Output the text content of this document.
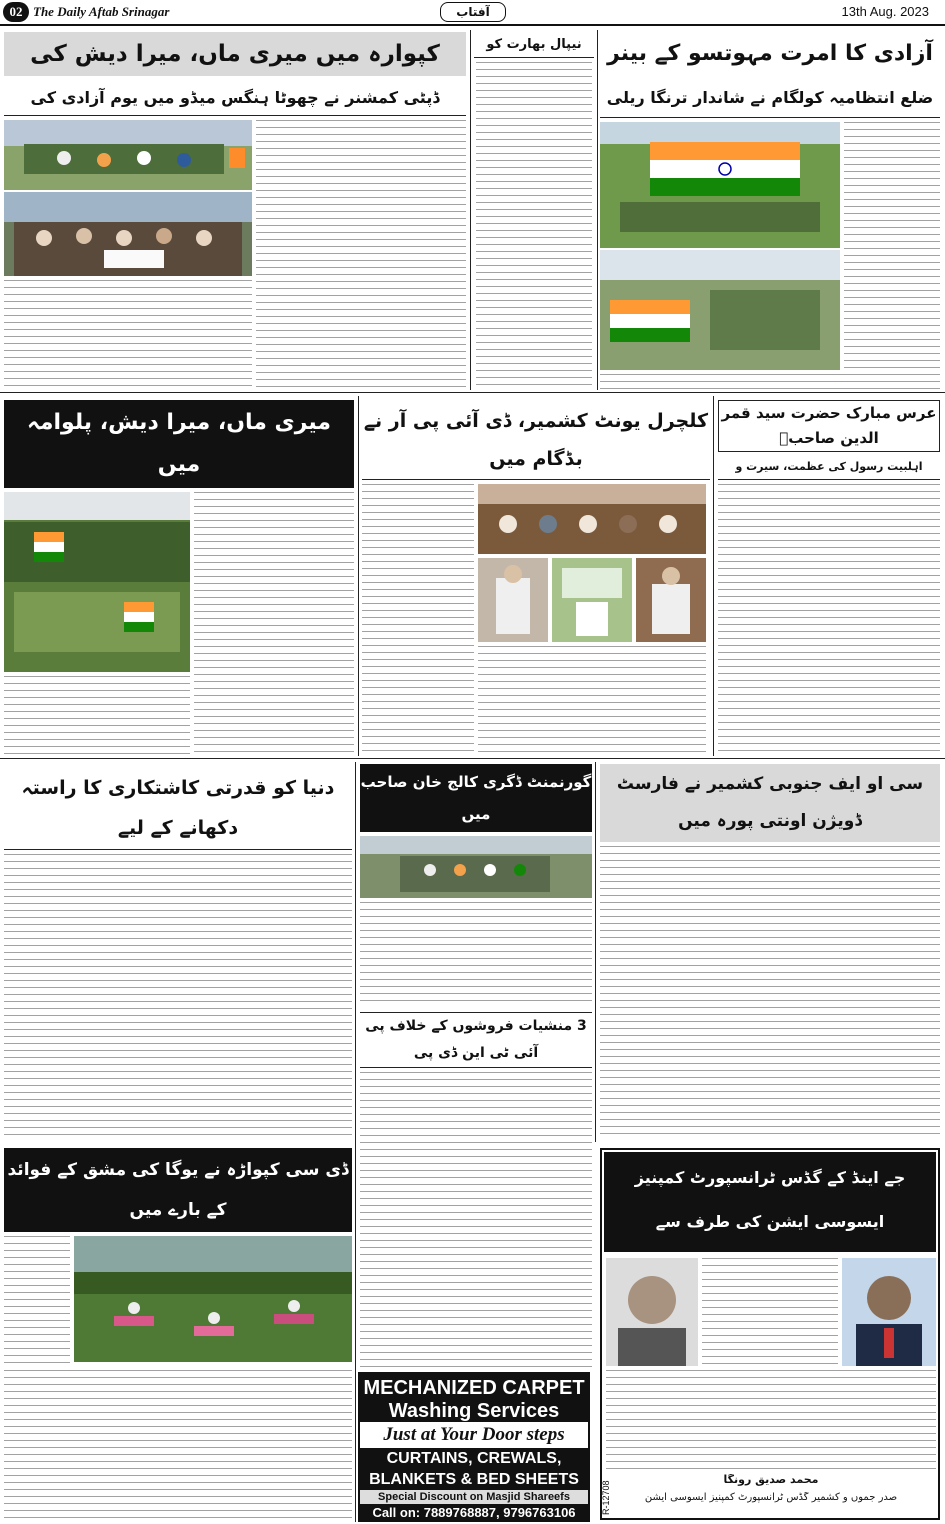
02 The Daily Aftab Srinagar	آفتاب	13th Aug. 2023
کپوارہ میں میری ماں، میرا دیش کی
ڈپٹی کمشنر نے چھوٹا ہنگس میڈو میں یوم آزادی کی
نیپال بھارت کو	آزادی کا امرت مہوتسو کے بینر
ضلع انتظامیہ کولگام نے شاندار ترنگا ریلی
میری ماں، میرا دیش، پلوامہ میں
کلچرل یونٹ کشمیر، ڈی آئی پی آر نے بڈگام میں
عرس مبارک حضرت سید قمر الدین صاحبؒ
اہلبیت رسول کی عظمت، سیرت و
دنیا کو قدرتی کاشتکاری کا راستہ دکھانے کے لیے
گورنمنٹ ڈگری کالج خان صاحب میں
3 منشیات فروشوں کے خلاف پی آئی ٹی این ڈی پی
سی او ایف جنوبی کشمیر نے فارسٹ ڈویژن اونتی پورہ میں
ڈی سی کپواڑہ نے یوگا کی مشق کے فوائد کے بارے میں
جے اینڈ کے گڈس ٹرانسپورٹ کمپنیز ایسوسی ایشن کی طرف سے
محمد صدیق رونگا
صدر جموں و کشمیر گڈس ٹرانسپورٹ کمپنیز ایسوسی ایشن
R-12708
MECHANIZED CARPET
Washing Services
Just at Your Door steps
CURTAINS, CREWALS,
BLANKETS & BED SHEETS
Special Discount on Masjid Shareefs
Call on: 7889768887, 9796763106
